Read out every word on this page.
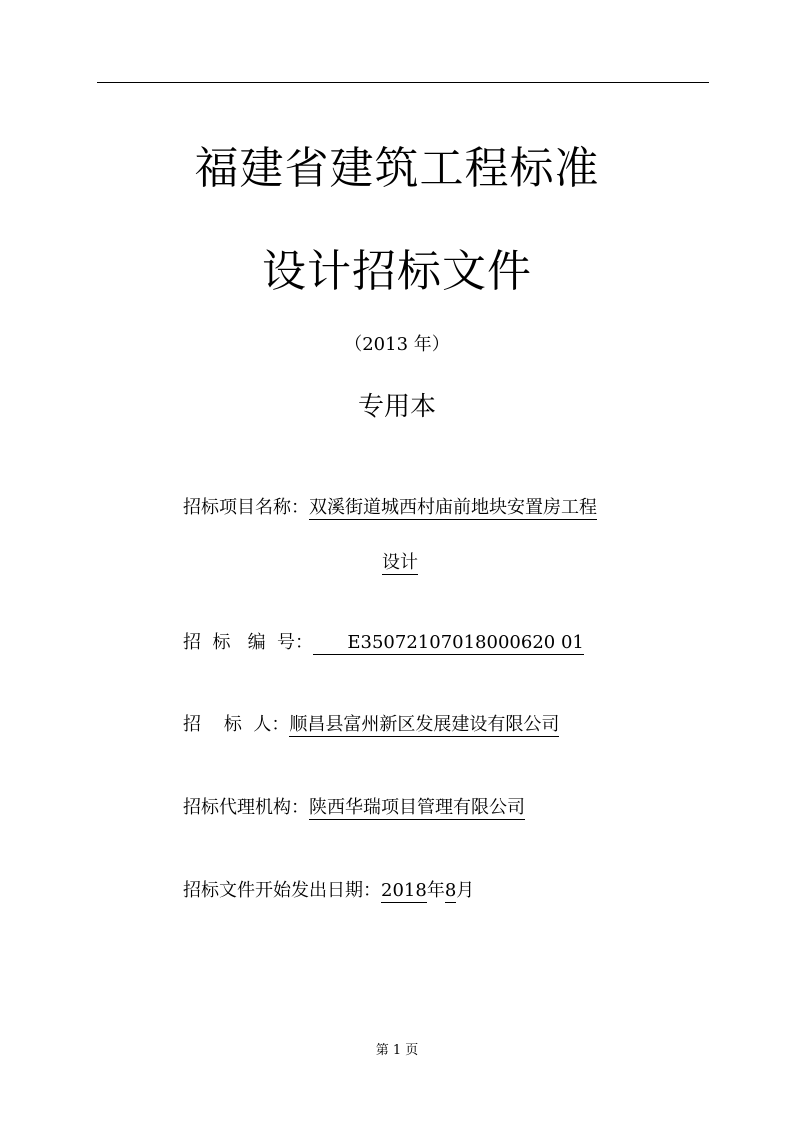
福建省建筑工程标准
设计招标文件
（2013 年）
专用本
招标项目名称：双溪街道城西村庙前地块安置房工程
设计
招  标   编  号：      E35072107018000620 01
招    标  人：顺昌县富州新区发展建设有限公司
招标代理机构：陕西华瑞项目管理有限公司
招标文件开始发出日期：2018年8月
第 1 页
